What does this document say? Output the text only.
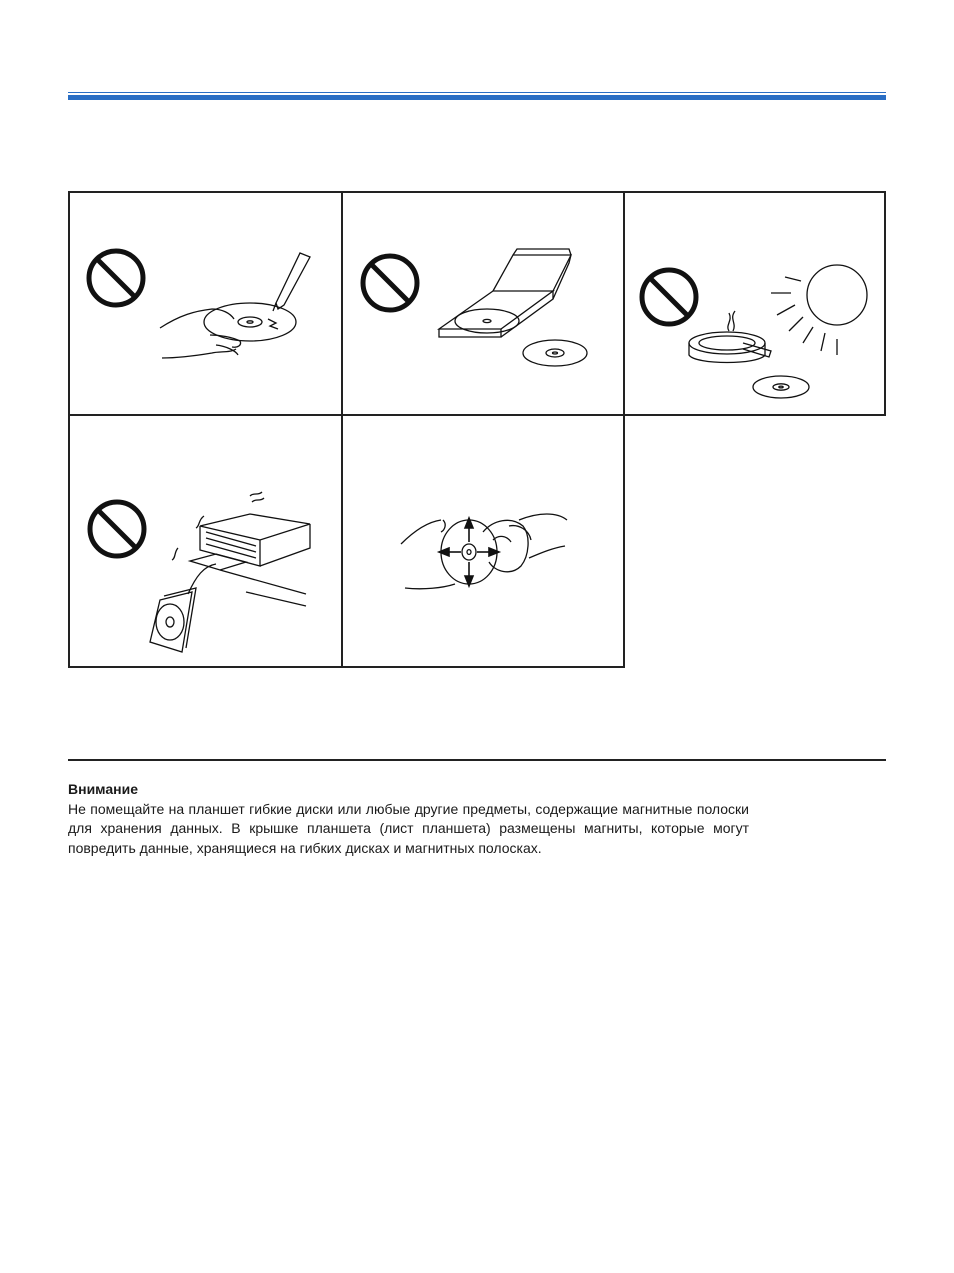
Внимание
Не помещайте на планшет гибкие диски или любые другие предметы, содержащие магнитные полоски для хранения данных. В крышке планшета (лист планшета) размещены магниты, которые могут повредить данные, хранящиеся на гибких дисках и магнитных полосках.
